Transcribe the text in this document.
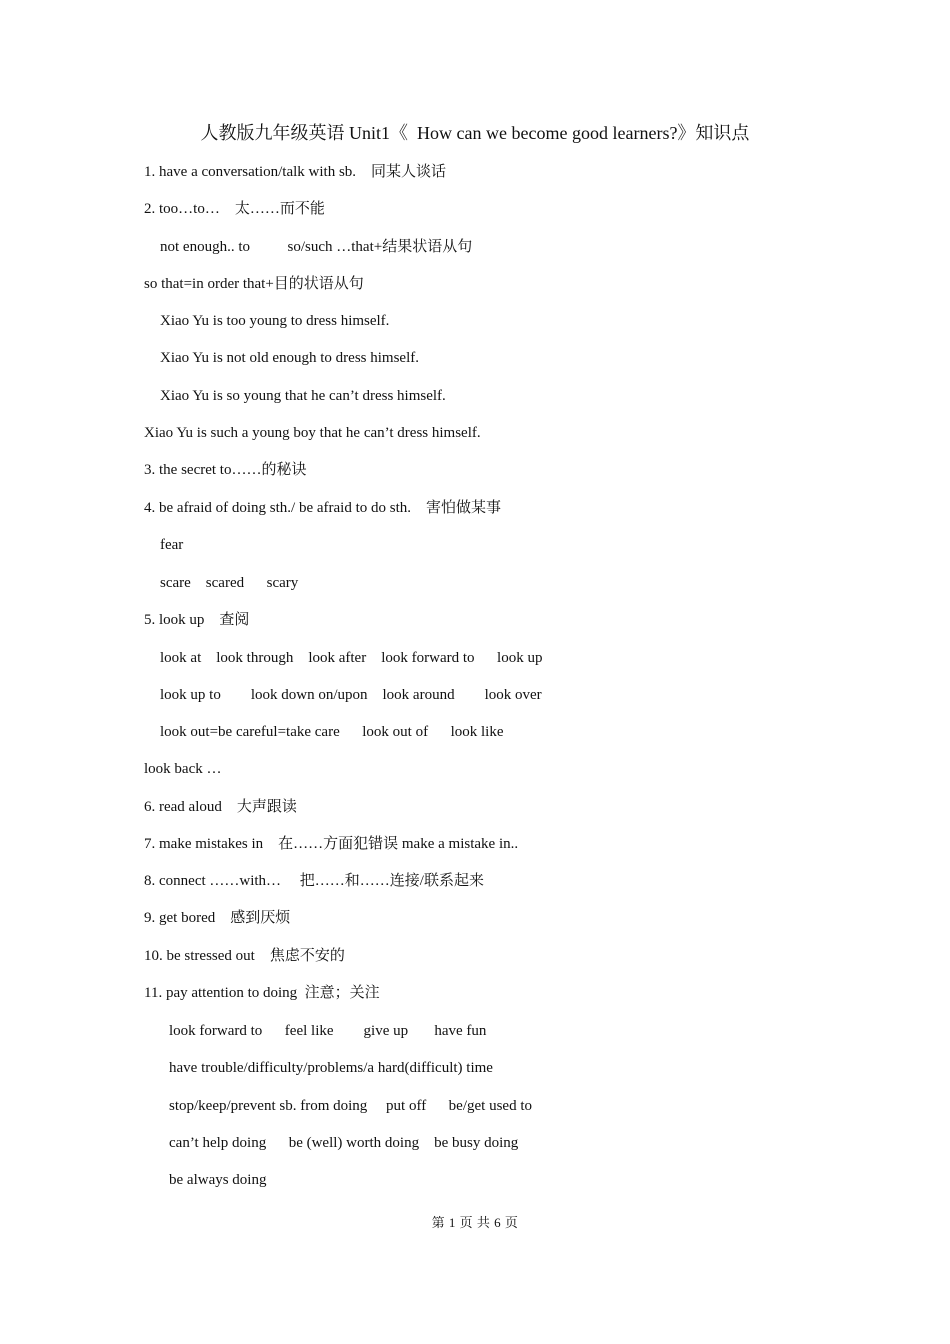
人教版九年级英语 Unit1《  How can we become good learners?》知识点
1. have a conversation/talk with sb.    同某人谈话
2. too…to…    太……而不能
not enough.. to          so/such …that+结果状语从句
so that=in order that+目的状语从句
Xiao Yu is too young to dress himself.
Xiao Yu is not old enough to dress himself.
Xiao Yu is so young that he can’t dress himself.
Xiao Yu is such a young boy that he can’t dress himself.
3. the secret to……的秘诀
4. be afraid of doing sth./ be afraid to do sth.    害怕做某事
fear
scare    scared      scary
5. look up    查阅
look at    look through    look after    look forward to      look up
look up to        look down on/upon    look around        look over
look out=be careful=take care      look out of      look like
look back …
6. read aloud    大声跟读
7. make mistakes in    在……方面犯错误 make a mistake in..
8. connect ……with…     把……和……连接/联系起来
9. get bored    感到厌烦
10. be stressed out    焦虑不安的
11. pay attention to doing  注意；关注
look forward to      feel like        give up       have fun
have trouble/difficulty/problems/a hard(difficult) time
stop/keep/prevent sb. from doing     put off      be/get used to
can’t help doing      be (well) worth doing    be busy doing
be always doing
第 1 页 共 6 页
